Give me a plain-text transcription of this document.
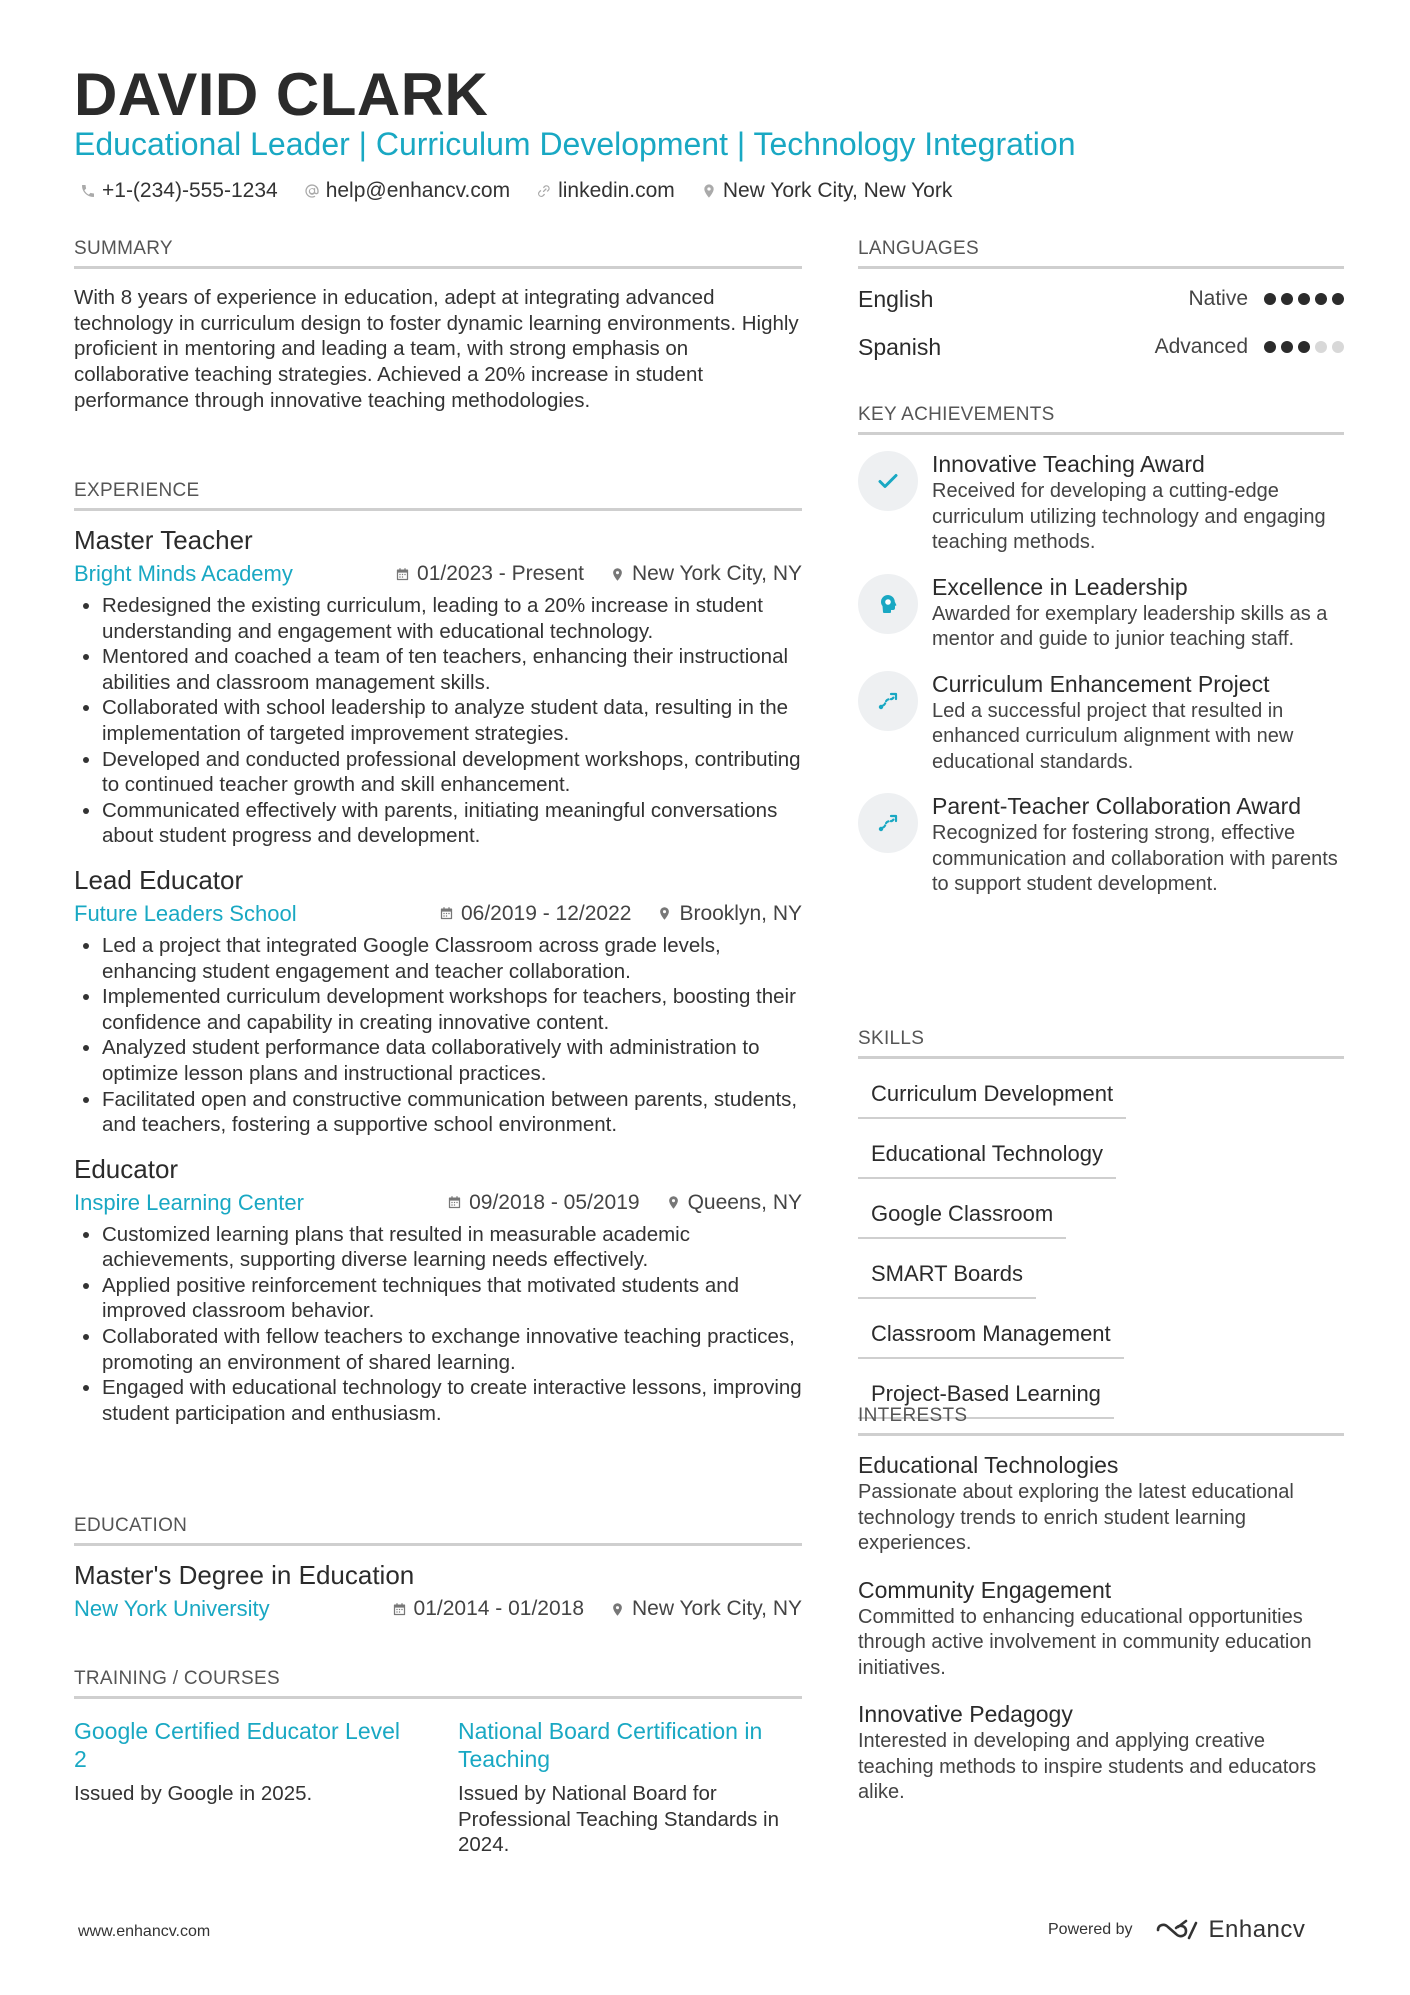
DAVID CLARK
Educational Leader | Curriculum Development | Technology Integration
+1-(234)-555-1234 help@enhancv.com linkedin.com New York City, New York
SUMMARY

With 8 years of experience in education, adept at integrating advanced technology in curriculum design to foster dynamic learning environments. Highly proficient in mentoring and leading a team, with strong emphasis on collaborative teaching strategies. Achieved a 20% increase in student performance through innovative teaching methodologies.

EXPERIENCE
Master Teacher
Bright Minds Academy	01/2023 - Present New York City, NY
• Redesigned the existing curriculum, leading to a 20% increase in student understanding and engagement with educational technology.
• Mentored and coached a team of ten teachers, enhancing their instructional abilities and classroom management skills.
• Collaborated with school leadership to analyze student data, resulting in the implementation of targeted improvement strategies.
• Developed and conducted professional development workshops, contributing to continued teacher growth and skill enhancement.
• Communicated effectively with parents, initiating meaningful conversations about student progress and development.
Lead Educator
Future Leaders School	06/2019 - 12/2022 Brooklyn, NY
• Led a project that integrated Google Classroom across grade levels, enhancing student engagement and teacher collaboration.
• Implemented curriculum development workshops for teachers, boosting their confidence and capability in creating innovative content.
• Analyzed student performance data collaboratively with administration to optimize lesson plans and instructional practices.
• Facilitated open and constructive communication between parents, students, and teachers, fostering a supportive school environment.
Educator
Inspire Learning Center	09/2018 - 05/2019 Queens, NY
• Customized learning plans that resulted in measurable academic achievements, supporting diverse learning needs effectively.
• Applied positive reinforcement techniques that motivated students and improved classroom behavior.
• Collaborated with fellow teachers to exchange innovative teaching practices, promoting an environment of shared learning.
• Engaged with educational technology to create interactive lessons, improving student participation and enthusiasm.
EDUCATION
Master's Degree in Education
New York University	01/2014 - 01/2018 New York City, NY
TRAINING / COURSES
Google Certified Educator Level 2
Issued by Google in 2025.
National Board Certification in Teaching
Issued by National Board for Professional Teaching Standards in 2024.
LANGUAGES
English	Native
Spanish	Advanced
KEY ACHIEVEMENTS
Innovative Teaching Award
Received for developing a cutting-edge curriculum utilizing technology and engaging teaching methods.
Excellence in Leadership
Awarded for exemplary leadership skills as a mentor and guide to junior teaching staff.
Curriculum Enhancement Project
Led a successful project that resulted in enhanced curriculum alignment with new educational standards.
Parent-Teacher Collaboration Award
Recognized for fostering strong, effective communication and collaboration with parents to support student development.
SKILLS
Curriculum Development
Educational Technology
Google Classroom
SMART Boards
Classroom Management
Project-Based Learning
INTERESTS
Educational Technologies
Passionate about exploring the latest educational technology trends to enrich student learning experiences.
Community Engagement
Committed to enhancing educational opportunities through active involvement in community education initiatives.
Innovative Pedagogy
Interested in developing and applying creative teaching methods to inspire students and educators alike.
www.enhancv.com	Powered by	Enhancv
